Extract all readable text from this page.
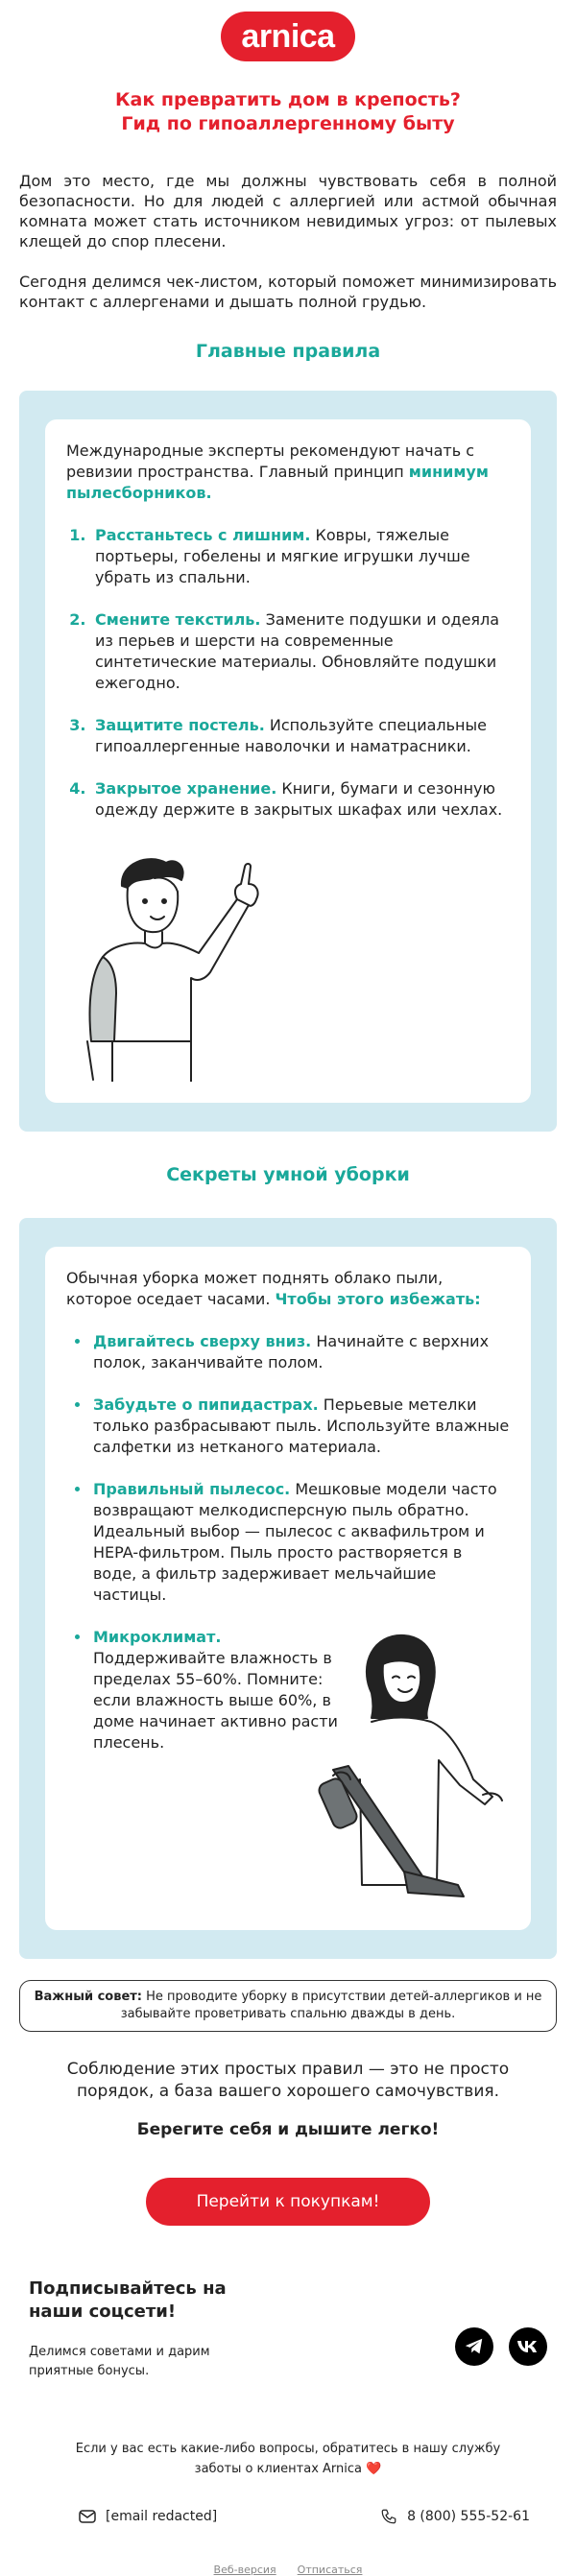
arnica
Как превратить дом в крепость?
Гид по гипоаллергенному быту

Дом это место, где мы должны чувствовать себя в полной безопасности. Но для людей с аллергией или астмой обычная комната может стать источником невидимых угроз: от пылевых клещей до спор плесени.

Сегодня делимся чек-листом, который поможет минимизировать контакт с аллергенами и дышать полной грудью.

Главные правила

Международные эксперты рекомендуют начать с ревизии пространства. Главный принцип минимум пылесборников.

1. Расстаньтесь с лишним. Ковры, тяжелые портьеры, гобелены и мягкие игрушки лучше убрать из спальни.
2. Смените текстиль. Замените подушки и одеяла из перьев и шерсти на современные синтетические материалы. Обновляйте подушки ежегодно.
3. Защитите постель. Используйте специальные гипоаллергенные наволочки и наматрасники.
4. Закрытое хранение. Книги, бумаги и сезонную одежду держите в закрытых шкафах или чехлах.
Секреты умной уборки

Обычная уборка может поднять облако пыли, которое оседает часами. Чтобы этого избежать:

• Двигайтесь сверху вниз. Начинайте с верхних полок, заканчивайте полом.
• Забудьте о пипидастрах. Перьевые метелки только разбрасывают пыль. Используйте влажные салфетки из нетканого материала.
• Правильный пылесос. Мешковые модели часто возвращают мелкодисперсную пыль обратно. Идеальный выбор — пылесос с аквафильтром и HEPA-фильтром. Пыль просто растворяется в воде, а фильтр задерживает мельчайшие частицы.
• Микроклимат. Поддерживайте влажность в пределах 55–60%. Помните: если влажность выше 60%, в доме начинает активно расти плесень.
Важный совет: Не проводите уборку в присутствии детей-аллергиков и не забывайте проветривать спальню дважды в день.

Соблюдение этих простых правил — это не просто порядок, а база вашего хорошего самочувствия.

Берегите себя и дышите легко!

Перейти к покупкам!

Подписывайтесь на наши соцсети!

Делимся советами и дарим приятные бонусы.
Если у вас есть какие-либо вопросы, обратитесь в нашу службу заботы о клиентах Arnica ❤️
[email redacted]	8 (800) 555-52-61
Веб-версия Отписаться
